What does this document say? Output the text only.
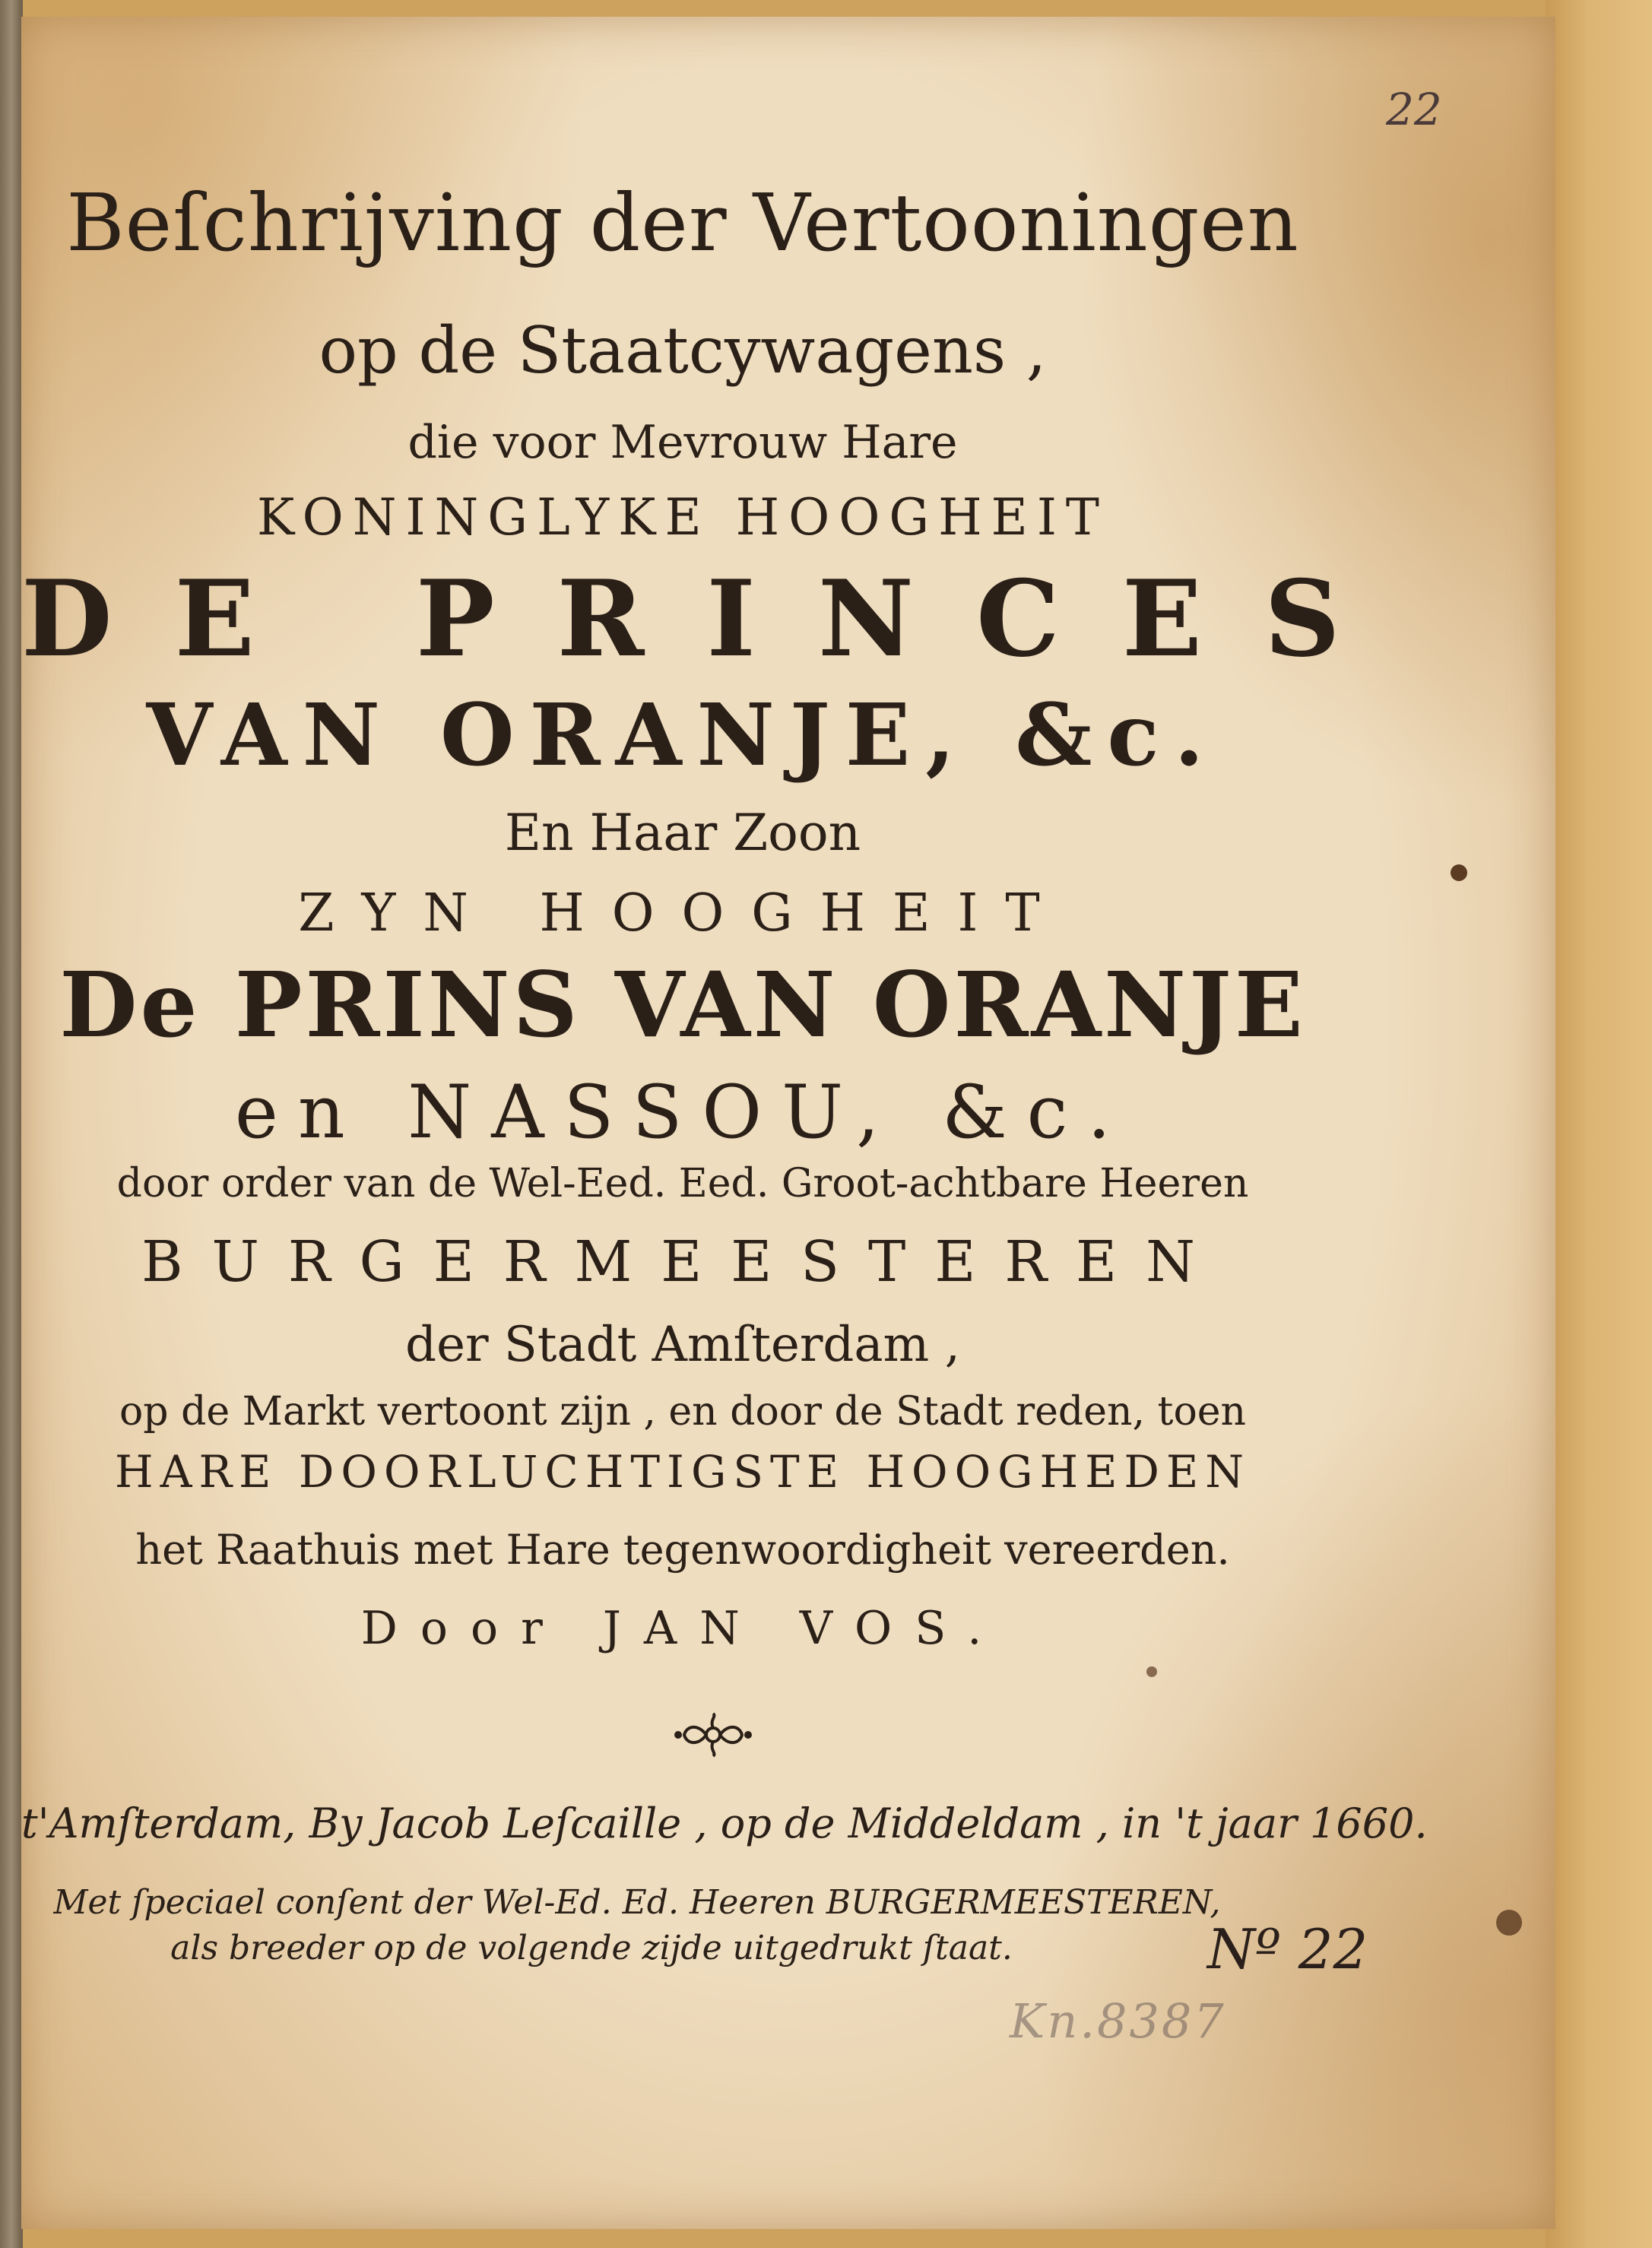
22
Beſchrijving der Vertooningen
op de Staatcywagens ,
die voor Mevrouw Hare
KONINGLYKE HOOGHEIT
DE PRINCES
VAN ORANJE, &c.
En Haar Zoon
ZYN HOOGHEIT
De PRINS VAN ORANJE
en NASSOU, &c.
door order van de Wel-Eed. Eed. Groot-achtbare Heeren
BURGERMEESTEREN
der Stadt Amſterdam ,
op de Markt vertoont zijn , en door de Stadt reden, toen
HARE DOORLUCHTIGSTE HOOGHEDEN
het Raathuis met Hare tegenwoordigheit vereerden.
Door JAN VOS.
t'Amſterdam, By Jacob Leſcaille , op de Middeldam , in 't jaar 1660.
Met ſpeciael conſent der Wel-Ed. Ed. Heeren BURGERMEESTEREN,
als breeder op de volgende zijde uitgedrukt ſtaat.	Nº 22
Kn.8387
